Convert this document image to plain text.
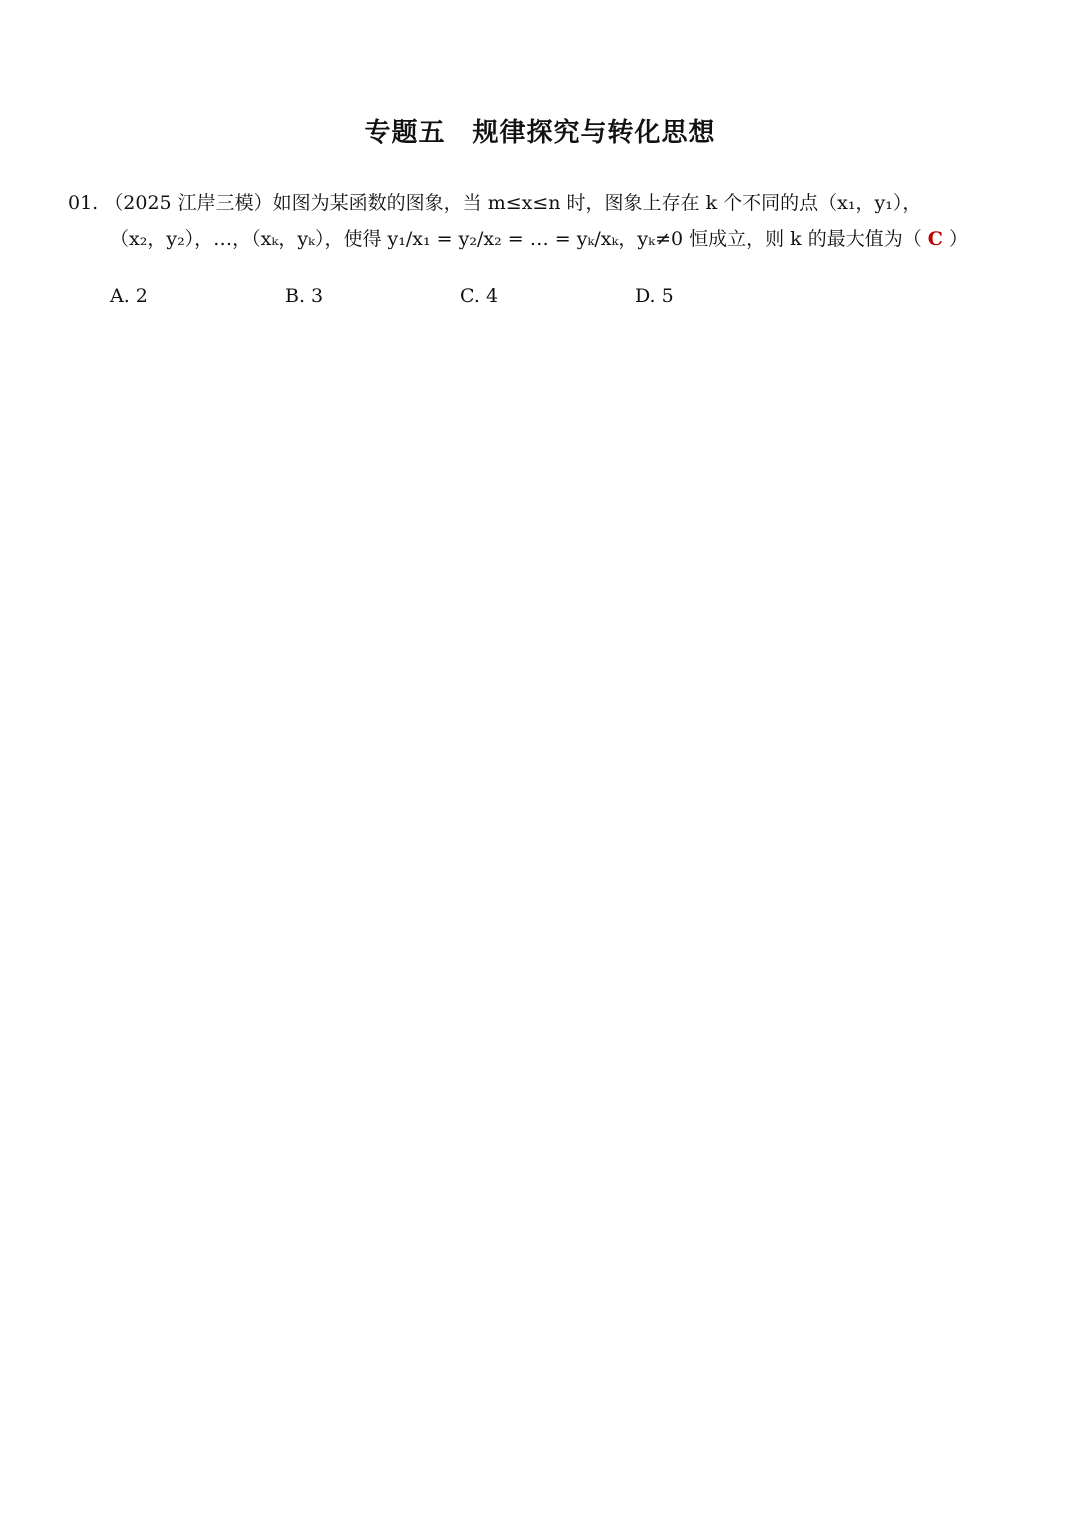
专题五　规律探究与转化思想
01. （2025 江岸三模）如图为某函数的图象，当 m≤x≤n 时，图象上存在 k 个不同的点（x₁，y₁），
（x₂，y₂），…，（xₖ，yₖ），使得 y₁/x₁ = y₂/x₂ = … = yₖ/xₖ，yₖ≠0 恒成立，则 k 的最大值为（ C ）
A. 2	B. 3	C. 4	D. 5
